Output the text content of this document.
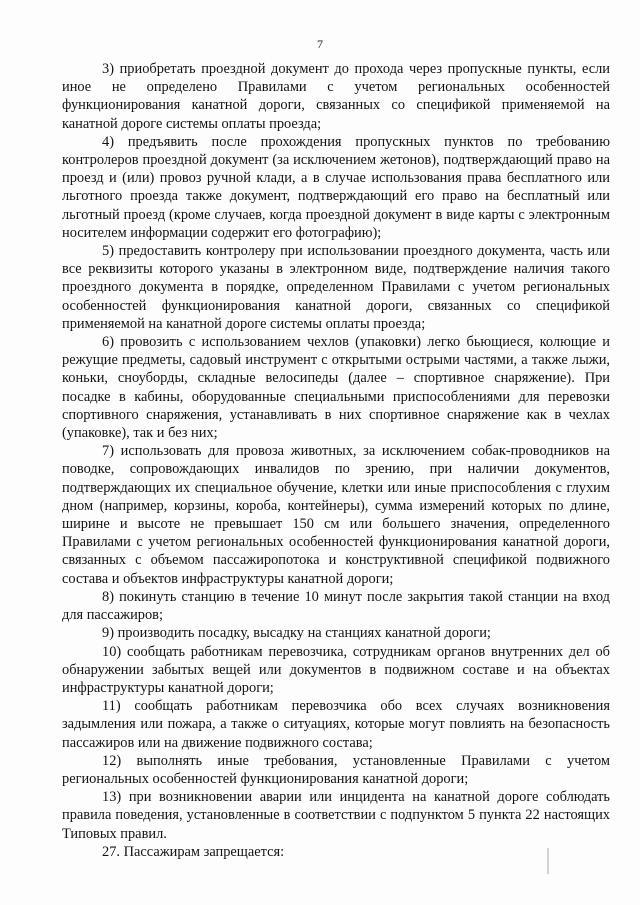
7

3) приобретать проездной документ до прохода через пропускные пункты, если иное не определено Правилами с учетом региональных особенностей функционирования канатной дороги, связанных со спецификой применяемой на канатной дороге системы оплаты проезда;

4) предъявить после прохождения пропускных пунктов по требованию контролеров проездной документ (за исключением жетонов), подтверждающий право на проезд и (или) провоз ручной клади, а в случае использования права бесплатного или льготного проезда также документ, подтверждающий его право на бесплатный или льготный проезд (кроме случаев, когда проездной документ в виде карты с электронным носителем информации содержит его фотографию);

5) предоставить контролеру при использовании проездного документа, часть или все реквизиты которого указаны в электронном виде, подтверждение наличия такого проездного документа в порядке, определенном Правилами с учетом региональных особенностей функционирования канатной дороги, связанных со спецификой применяемой на канатной дороге системы оплаты проезда;

6) провозить с использованием чехлов (упаковки) легко бьющиеся, колющие и режущие предметы, садовый инструмент с открытыми острыми частями, а также лыжи, коньки, сноуборды, складные велосипеды (далее – спортивное снаряжение). При посадке в кабины, оборудованные специальными приспособлениями для перевозки спортивного снаряжения, устанавливать в них спортивное снаряжение как в чехлах (упаковке), так и без них;

7) использовать для провоза животных, за исключением собак-проводников на поводке, сопровождающих инвалидов по зрению, при наличии документов, подтверждающих их специальное обучение, клетки или иные приспособления с глухим дном (например, корзины, короба, контейнеры), сумма измерений которых по длине, ширине и высоте не превышает 150 см или большего значения, определенного Правилами с учетом региональных особенностей функционирования канатной дороги, связанных с объемом пассажиропотока и конструктивной спецификой подвижного состава и объектов инфраструктуры канатной дороги;

8) покинуть станцию в течение 10 минут после закрытия такой станции на вход для пассажиров;

9) производить посадку, высадку на станциях канатной дороги;

10) сообщать работникам перевозчика, сотрудникам органов внутренних дел об обнаружении забытых вещей или документов в подвижном составе и на объектах инфраструктуры канатной дороги;

11) сообщать работникам перевозчика обо всех случаях возникновения задымления или пожара, а также о ситуациях, которые могут повлиять на безопасность пассажиров или на движение подвижного состава;

12) выполнять иные требования, установленные Правилами с учетом региональных особенностей функционирования канатной дороги;

13) при возникновении аварии или инцидента на канатной дороге соблюдать правила поведения, установленные в соответствии с подпунктом 5 пункта 22 настоящих Типовых правил.

27. Пассажирам запрещается:
